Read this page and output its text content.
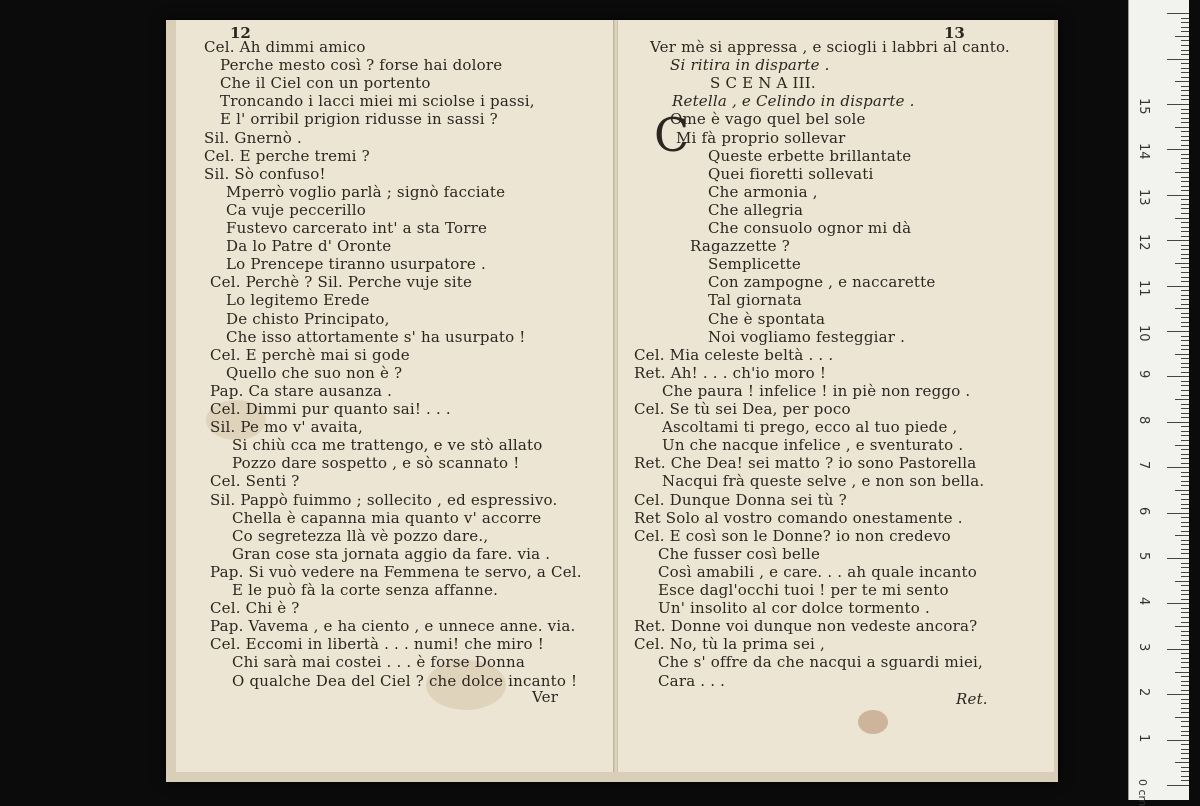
12
Cel. Ah dimmi amico
Perche mesto così ? forse hai dolore
Che il Ciel con un portento
Troncando i lacci miei mi sciolse i passi,
E l' orribil prigion ridusse in sassi ?
Sil. Gnernò .
Cel. E perche tremi ?
Sil. Sò confuso!
Mperrò voglio parlà ; signò facciate
Ca vuje peccerillo
Fustevo carcerato int' a sta Torre
Da lo Patre d' Oronte
Lo Prencepe tiranno usurpatore .
Cel. Perchè ? Sil. Perche vuje site
Lo legitemo Erede
De chisto Principato,
Che isso attortamente s' ha usurpato !
Cel. E perchè mai si gode
Quello che suo non è ?
Pap. Ca stare ausanza .
Cel. Dimmi pur quanto sai! . . .
Sil. Pe mo v' avaita,
Si chiù cca me trattengo, e ve stò allato
Pozzo dare sospetto , e sò scannato !
Cel. Senti ?
Sil. Pappò fuimmo ; sollecito , ed espressivo.
Chella è capanna mia quanto v' accorre
Co segretezza llà vè pozzo dare.,
Gran cose sta jornata aggio da fare. via .
Pap. Si vuò vedere na Femmena te servo, a Cel.
E le può fà la corte senza affanne.
Cel. Chi è ?
Pap. Vavema , e ha ciento , e unnece anne. via.
Cel. Eccomi in libertà . . . numi! che miro !
Chi sarà mai costei . . . è forse Donna
O qualche Dea del Ciel ? che dolce incanto !
Ver
13
C
Ver mè si appressa , e sciogli i labbri al canto.
Si ritira in disparte .
S C E N A III.
Retella , e Celindo in disparte .
Ome è vago quel bel sole
Mi fà proprio sollevar
Queste erbette brillantate
Quei fioretti sollevati
Che armonia ,
Che allegria
Che consuolo ognor mi dà
Ragazzette ?
Semplicette
Con zampogne , e naccarette
Tal giornata
Che è spontata
Noi vogliamo festeggiar .
Cel. Mia celeste beltà . . .
Ret. Ah! . . . ch'io moro !
Che paura ! infelice ! in piè non reggo .
Cel. Se tù sei Dea, per poco
Ascoltami ti prego, ecco al tuo piede ,
Un che nacque infelice , e sventurato .
Ret. Che Dea! sei matto ? io sono Pastorella
Nacqui frà queste selve , e non son bella.
Cel. Dunque Donna sei tù ?
Ret Solo al vostro comando onestamente .
Cel. E così son le Donne? io non credevo
Che fusser così belle
Così amabili , e care. . . ah quale incanto
Esce dagl'occhi tuoi ! per te mi sento
Un' insolito al cor dolce tormento .
Ret. Donne voi dunque non vedeste ancora?
Cel. No, tù la prima sei ,
Che s' offre da che nacqui a sguardi miei,
Cara . . .
Ret.
15
14
13
12
11
10
9
8
7
6
5
4
3
2
1
0 cm
